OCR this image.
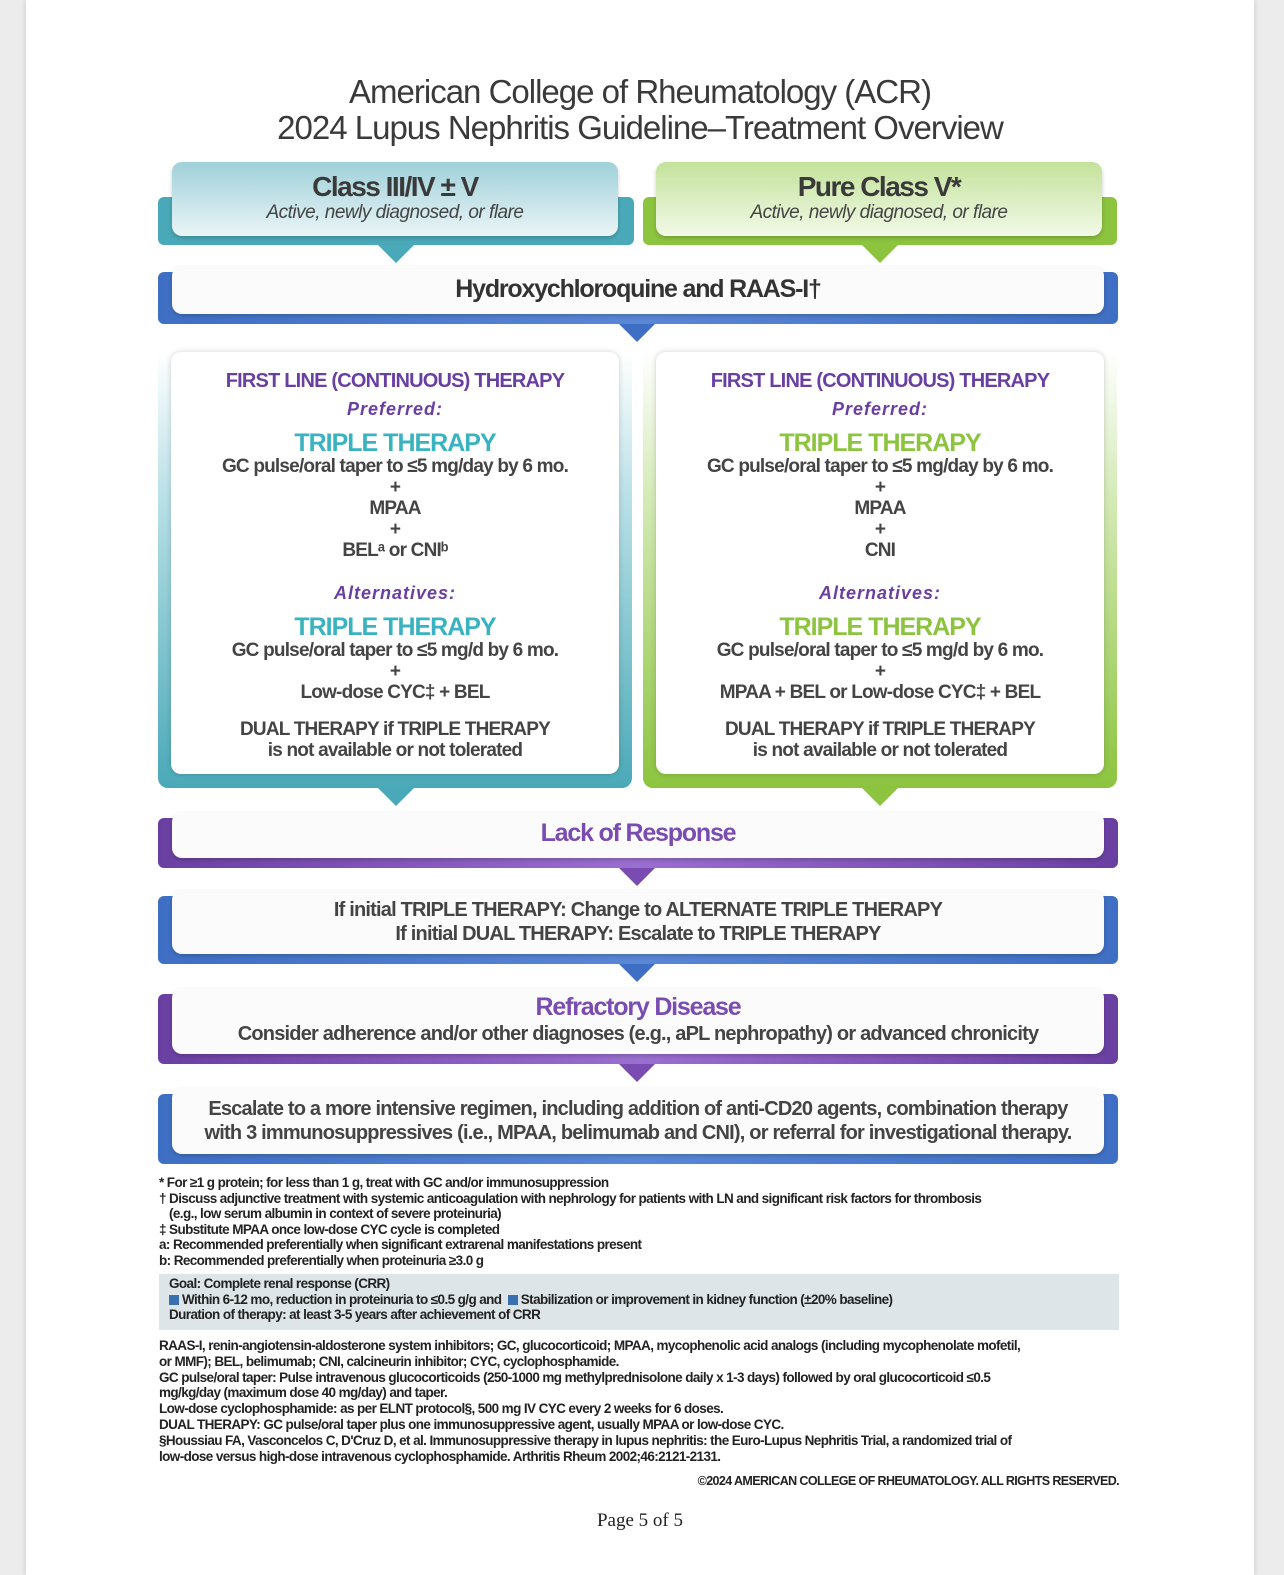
American College of Rheumatology (ACR)
2024 Lupus Nephritis Guideline–Treatment Overview
Class III/IV ± V
Active, newly diagnosed, or flare
Pure Class V*
Active, newly diagnosed, or flare
Hydroxychloroquine and RAAS-I†
FIRST LINE (CONTINUOUS) THERAPY
Preferred:
TRIPLE THERAPY
GC pulse/oral taper to ≤5 mg/day by 6 mo.
+
MPAA
+
BELᵃ or CNIᵇ
Alternatives:
TRIPLE THERAPY
GC pulse/oral taper to ≤5 mg/d by 6 mo.
+
Low-dose CYC‡ + BEL
DUAL THERAPY if TRIPLE THERAPY
is not available or not tolerated
FIRST LINE (CONTINUOUS) THERAPY
Preferred:
TRIPLE THERAPY
GC pulse/oral taper to ≤5 mg/day by 6 mo.
+
MPAA
+
CNI
Alternatives:
TRIPLE THERAPY
GC pulse/oral taper to ≤5 mg/d by 6 mo.
+
MPAA + BEL or Low-dose CYC‡ + BEL
DUAL THERAPY if TRIPLE THERAPY
is not available or not tolerated
Lack of Response
If initial TRIPLE THERAPY: Change to ALTERNATE TRIPLE THERAPY
If initial DUAL THERAPY: Escalate to TRIPLE THERAPY
Refractory Disease
Consider adherence and/or other diagnoses (e.g., aPL nephropathy) or advanced chronicity
Escalate to a more intensive regimen, including addition of anti-CD20 agents, combination therapy
with 3 immunosuppressives (i.e., MPAA, belimumab and CNI), or referral for investigational therapy.
* For ≥1 g protein; for less than 1 g, treat with GC and/or immunosuppression
† Discuss adjunctive treatment with systemic anticoagulation with nephrology for patients with LN and significant risk factors for thrombosis
(e.g., low serum albumin in context of severe proteinuria)
‡ Substitute MPAA once low-dose CYC cycle is completed
a: Recommended preferentially when significant extrarenal manifestations present
b: Recommended preferentially when proteinuria ≥3.0 g
Goal: Complete renal response (CRR)
Within 6-12 mo, reduction in proteinuria to ≤0.5 g/g and Stabilization or improvement in kidney function (±20% baseline)
Duration of therapy: at least 3-5 years after achievement of CRR
RAAS-I, renin-angiotensin-aldosterone system inhibitors; GC, glucocorticoid; MPAA, mycophenolic acid analogs (including mycophenolate mofetil,
or MMF); BEL, belimumab; CNI, calcineurin inhibitor; CYC, cyclophosphamide.
GC pulse/oral taper: Pulse intravenous glucocorticoids (250-1000 mg methylprednisolone daily x 1-3 days) followed by oral glucocorticoid ≤0.5
mg/kg/day (maximum dose 40 mg/day) and taper.
Low-dose cyclophosphamide: as per ELNT protocol§, 500 mg IV CYC every 2 weeks for 6 doses.
DUAL THERAPY: GC pulse/oral taper plus one immunosuppressive agent, usually MPAA or low-dose CYC.
§Houssiau FA, Vasconcelos C, D'Cruz D, et al. Immunosuppressive therapy in lupus nephritis: the Euro-Lupus Nephritis Trial, a randomized trial of
low-dose versus high-dose intravenous cyclophosphamide. Arthritis Rheum 2002;46:2121-2131.
©2024 AMERICAN COLLEGE OF RHEUMATOLOGY. ALL RIGHTS RESERVED.
Page 5 of 5
